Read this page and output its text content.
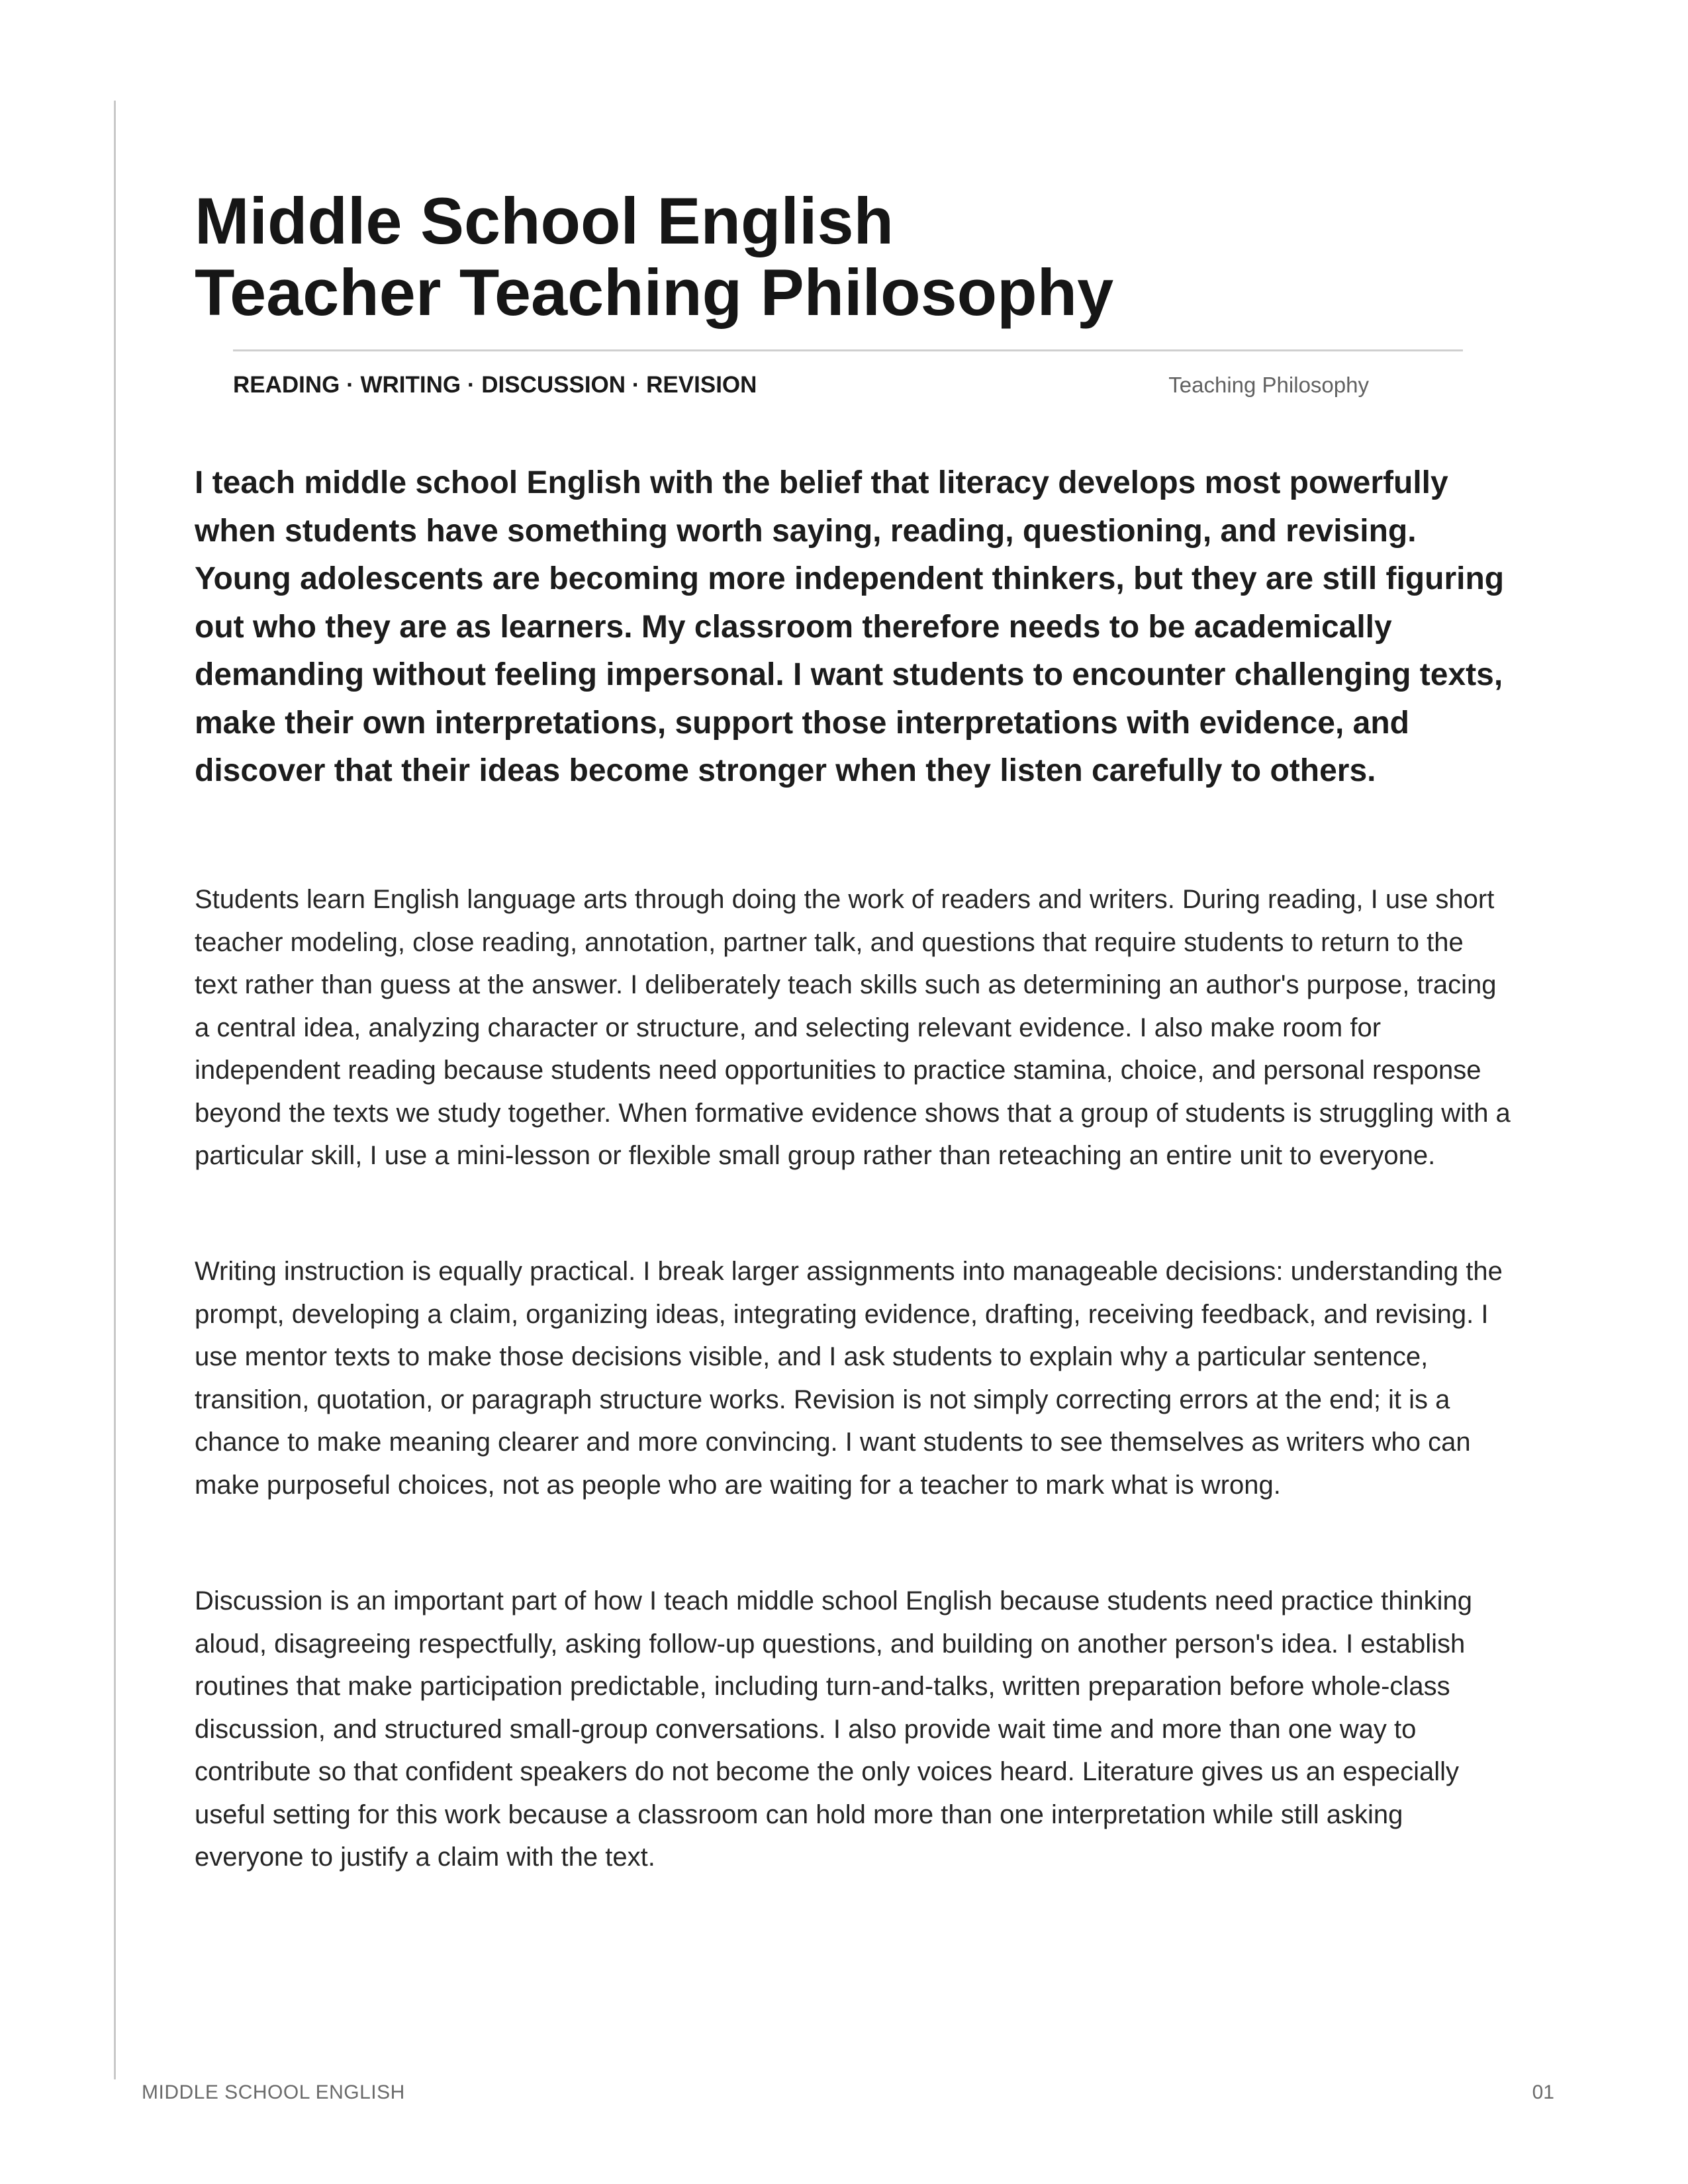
Middle School English
Teacher Teaching Philosophy
READING · WRITING · DISCUSSION · REVISION	Teaching Philosophy

I teach middle school English with the belief that literacy develops most powerfully when students have something worth saying, reading, questioning, and revising. Young adolescents are becoming more independent thinkers, but they are still figuring out who they are as learners. My classroom therefore needs to be academically demanding without feeling impersonal. I want students to encounter challenging texts, make their own interpretations, support those interpretations with evidence, and discover that their ideas become stronger when they listen carefully to others.

Students learn English language arts through doing the work of readers and writers. During reading, I use short teacher modeling, close reading, annotation, partner talk, and questions that require students to return to the text rather than guess at the answer. I deliberately teach skills such as determining an author's purpose, tracing a central idea, analyzing character or structure, and selecting relevant evidence. I also make room for independent reading because students need opportunities to practice stamina, choice, and personal response beyond the texts we study together. When formative evidence shows that a group of students is struggling with a particular skill, I use a mini-lesson or flexible small group rather than reteaching an entire unit to everyone.

Writing instruction is equally practical. I break larger assignments into manageable decisions: understanding the prompt, developing a claim, organizing ideas, integrating evidence, drafting, receiving feedback, and revising. I use mentor texts to make those decisions visible, and I ask students to explain why a particular sentence, transition, quotation, or paragraph structure works. Revision is not simply correcting errors at the end; it is a chance to make meaning clearer and more convincing. I want students to see themselves as writers who can make purposeful choices, not as people who are waiting for a teacher to mark what is wrong.

Discussion is an important part of how I teach middle school English because students need practice thinking aloud, disagreeing respectfully, asking follow-up questions, and building on another person's idea. I establish routines that make participation predictable, including turn-and-talks, written preparation before whole-class discussion, and structured small-group conversations. I also provide wait time and more than one way to contribute so that confident speakers do not become the only voices heard. Literature gives us an especially useful setting for this work because a classroom can hold more than one interpretation while still asking everyone to justify a claim with the text.

MIDDLE SCHOOL ENGLISH	01
